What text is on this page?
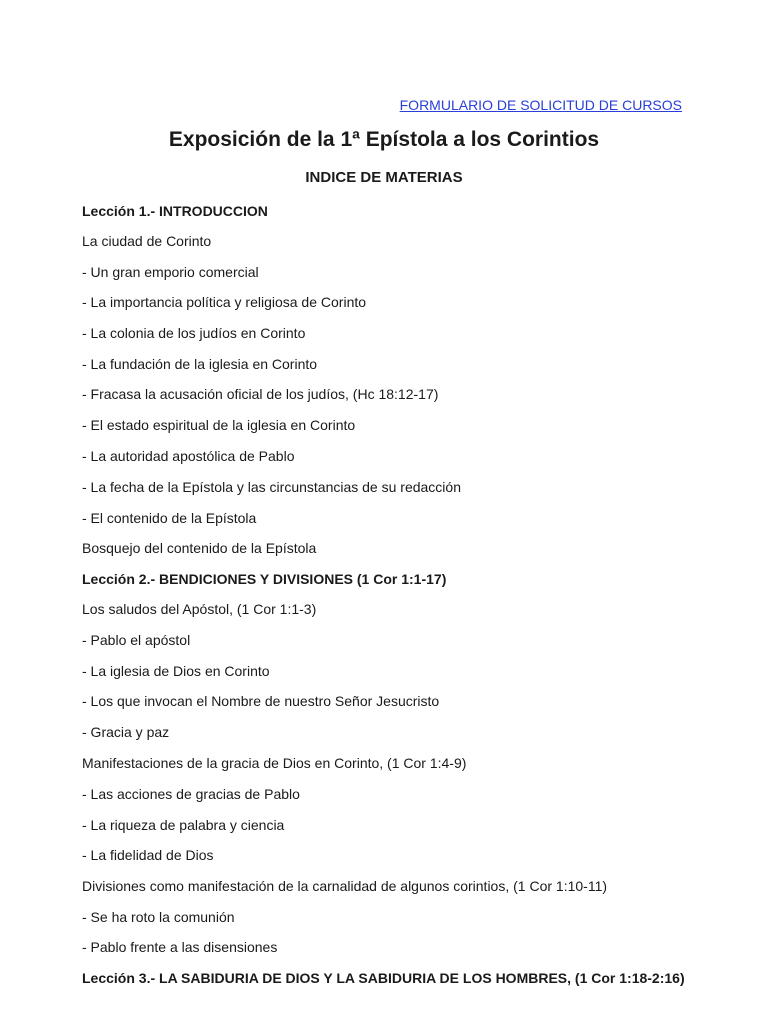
FORMULARIO DE SOLICITUD DE CURSOS
Exposición de la 1ª Epístola a los Corintios
INDICE DE MATERIAS
Lección 1.- INTRODUCCION
La ciudad de Corinto
- Un gran emporio comercial
- La importancia política y religiosa de Corinto
- La colonia de los judíos en Corinto
- La fundación de la iglesia en Corinto
- Fracasa la acusación oficial de los judíos, (Hc 18:12-17)
- El estado espiritual de la iglesia en Corinto
- La autoridad apostólica de Pablo
- La fecha de la Epístola y las circunstancias de su redacción
- El contenido de la Epístola
Bosquejo del contenido de la Epístola
Lección 2.- BENDICIONES Y DIVISIONES (1 Cor 1:1-17)
Los saludos del Apóstol, (1 Cor 1:1-3)
- Pablo el apóstol
- La iglesia de Dios en Corinto
- Los que invocan el Nombre de nuestro Señor Jesucristo
- Gracia y paz
Manifestaciones de la gracia de Dios en Corinto, (1 Cor 1:4-9)
- Las acciones de gracias de Pablo
- La riqueza de palabra y ciencia
- La fidelidad de Dios
Divisiones como manifestación de la carnalidad de algunos corintios, (1 Cor 1:10-11)
- Se ha roto la comunión
- Pablo frente a las disensiones
Lección 3.- LA SABIDURIA DE DIOS Y LA SABIDURIA DE LOS HOMBRES, (1 Cor 1:18-2:16)
